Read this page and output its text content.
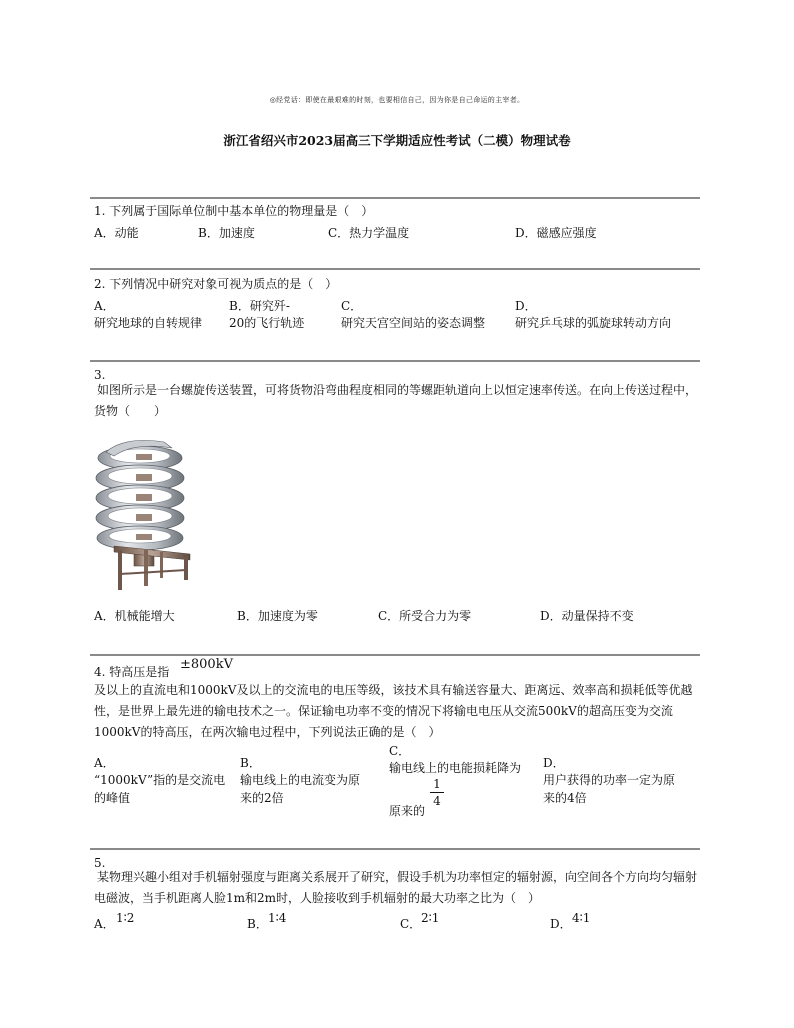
◎经党话：即使在最艰难的时刻，也要相信自己，因为你是自己命运的主宰者。
浙江省绍兴市2023届高三下学期适应性考试（二模）物理试卷
1. 下列属于国际单位制中基本单位的物理量是（　）
A．动能	B．加速度	C．热力学温度	D．磁感应强度
2. 下列情况中研究对象可视为质点的是（　）
A．
研究地球的自转规律
B．研究歼-
20的飞行轨迹
C．
研究天宫空间站的姿态调整
D．
研究乒乓球的弧旋球转动方向
3.
如图所示是一台螺旋传送装置，可将货物沿弯曲程度相同的等螺距轨道向上以恒定速率传送。在向上传送过程中，货物（　　）
A．机械能增大	B．加速度为零	C．所受合力为零	D．动量保持不变
4. 特高压是指 ±800kV
及以上的直流电和1000kV及以上的交流电的电压等级，该技术具有输送容量大、距离远、效率高和损耗低等优越性，是世界上最先进的输电技术之一。保证输电功率不变的情况下将输电电压从交流500kV的超高压变为交流1000kV的特高压，在两次输电过程中，下列说法正确的是（　）
A．
“1000kV”指的是交流电
的峰值
B．
输电线上的电流变为原
来的2倍
C．
输电线上的电能损耗降为
原来的
1
4
D．
用户获得的功率一定为原
来的4倍
5.
某物理兴趣小组对手机辐射强度与距离关系展开了研究，假设手机为功率恒定的辐射源，向空间各个方向均匀辐射电磁波，当手机距离人脸1m和2m时，人脸接收到手机辐射的最大功率之比为（　）
A． 1∶2	B． 1∶4	C． 2∶1	D． 4∶1
